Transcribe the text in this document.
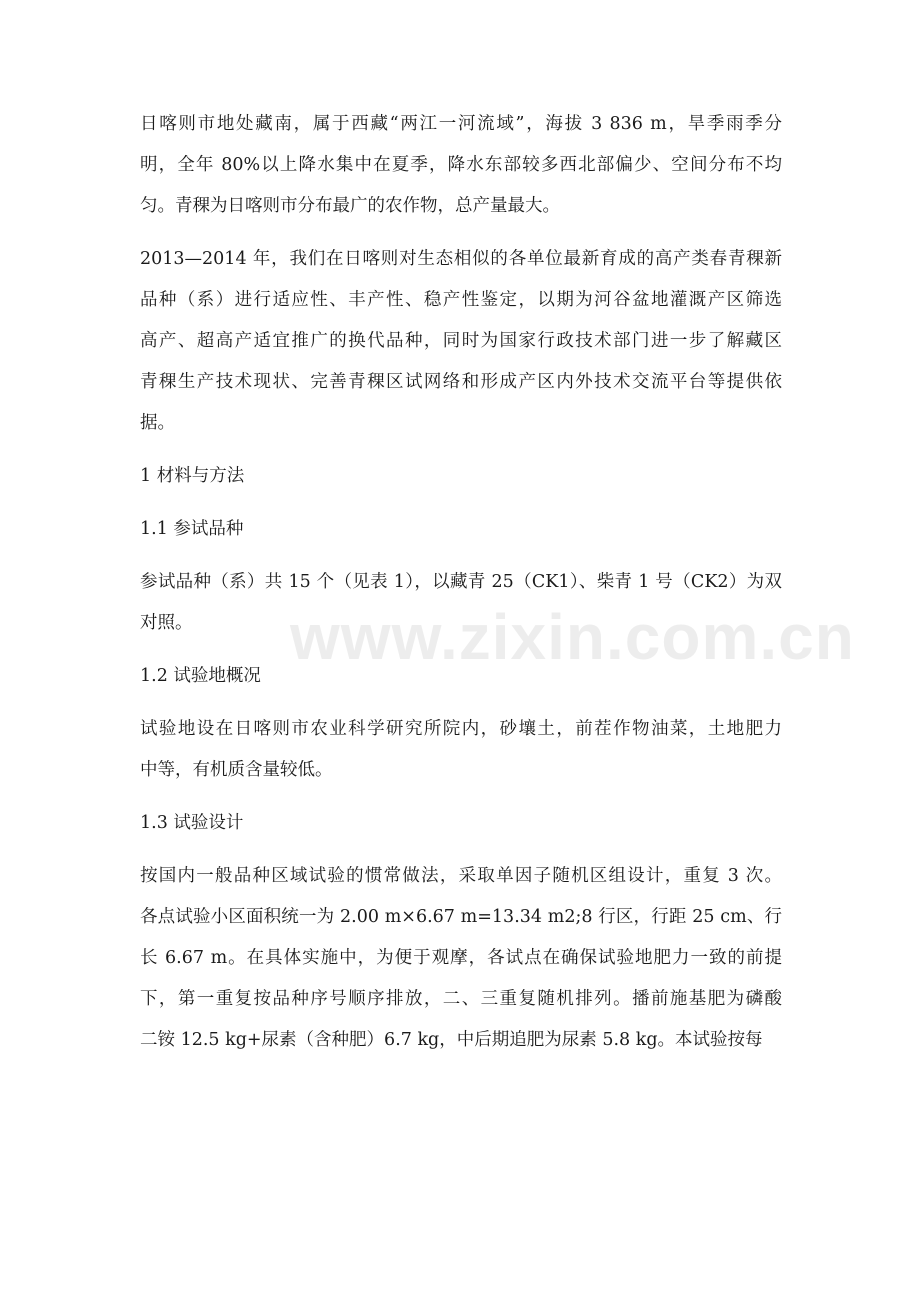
www.zixin.com.cn
日喀则市地处藏南，属于西藏“两江一河流域”，海拔 3 836 m，旱季雨季分
明，全年 80%以上降水集中在夏季，降水东部较多西北部偏少、空间分布不均
匀。青稞为日喀则市分布最广的农作物，总产量最大。
2013—2014 年，我们在日喀则对生态相似的各单位最新育成的高产类春青稞新
品种（系）进行适应性、丰产性、稳产性鉴定，以期为河谷盆地灌溉产区筛选
高产、超高产适宜推广的换代品种，同时为国家行政技术部门进一步了解藏区
青稞生产技术现状、完善青稞区试网络和形成产区内外技术交流平台等提供依
据。
1 材料与方法
1.1 参试品种
参试品种（系）共 15 个（见表 1），以藏青 25（CK1）、柴青 1 号（CK2）为双
对照。
1.2 试验地概况
试验地设在日喀则市农业科学研究所院内，砂壤土，前茬作物油菜，土地肥力
中等，有机质含量较低。
1.3 试验设计
按国内一般品种区域试验的惯常做法，采取单因子随机区组设计，重复 3 次。
各点试验小区面积统一为 2.00 m×6.67 m=13.34 m2;8 行区，行距 25 cm、行
长 6.67 m。在具体实施中，为便于观摩，各试点在确保试验地肥力一致的前提
下，第一重复按品种序号顺序排放，二、三重复随机排列。播前施基肥为磷酸
二铵 12.5 kg+尿素（含种肥）6.7 kg，中后期追肥为尿素 5.8 kg。本试验按每
